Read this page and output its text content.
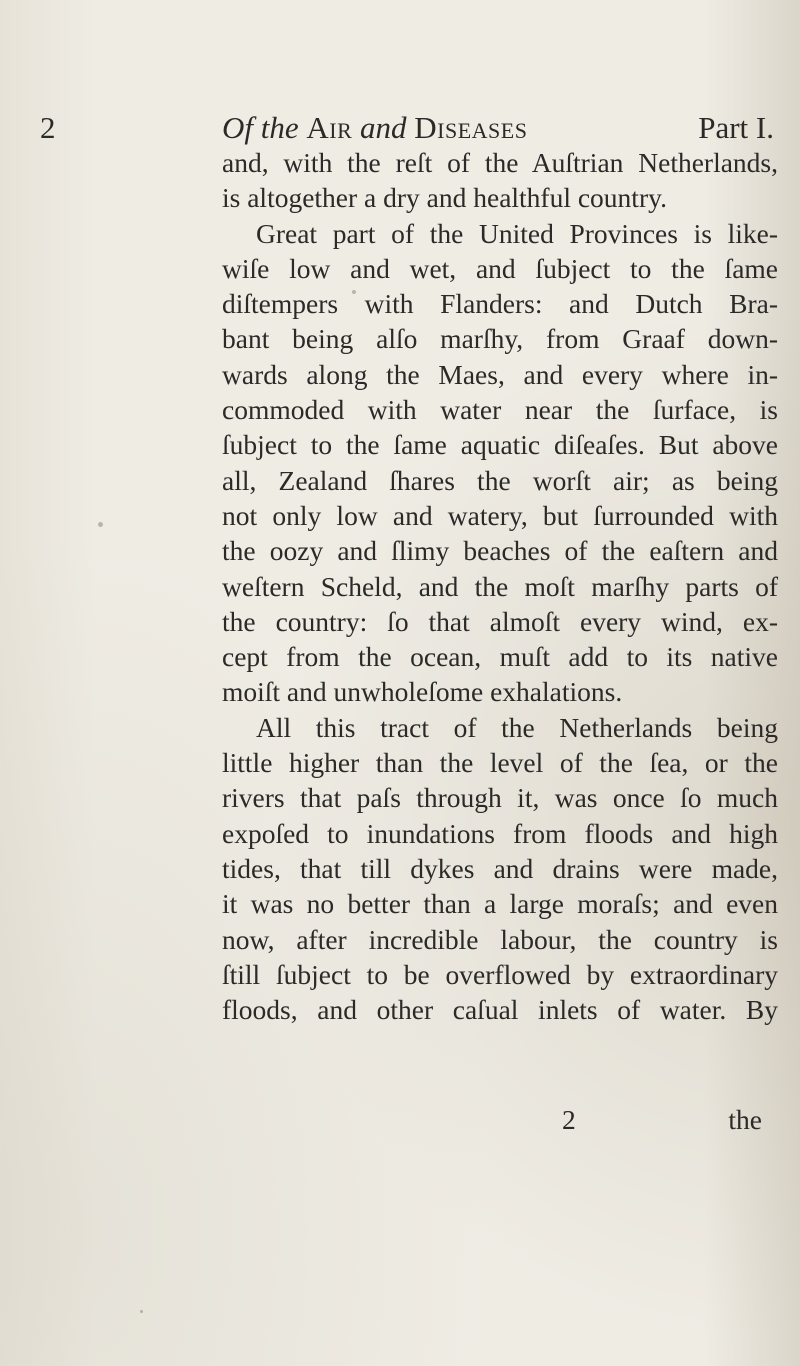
2	Of the Air and Diseases	Part I.
and, with the reſt of the Auſtrian Netherlands,
is altogether a dry and healthful country.
Great part of the United Provinces is like-
wiſe low and wet, and ſubject to the ſame
diſtempers with Flanders: and Dutch Bra-
bant being alſo marſhy, from Graaf down-
wards along the Maes, and every where in-
commoded with water near the ſurface, is
ſubject to the ſame aquatic diſeaſes. But above
all, Zealand ſhares the worſt air; as being
not only low and watery, but ſurrounded with
the oozy and ſlimy beaches of the eaſtern and
weſtern Scheld, and the moſt marſhy parts of
the country: ſo that almoſt every wind, ex-
cept from the ocean, muſt add to its native
moiſt and unwholeſome exhalations.
All this tract of the Netherlands being
little higher than the level of the ſea, or the
rivers that paſs through it, was once ſo much
expoſed to inundations from floods and high
tides, that till dykes and drains were made,
it was no better than a large moraſs; and even
now, after incredible labour, the country is
ſtill ſubject to be overflowed by extraordinary
floods, and other caſual inlets of water. By
2	the
